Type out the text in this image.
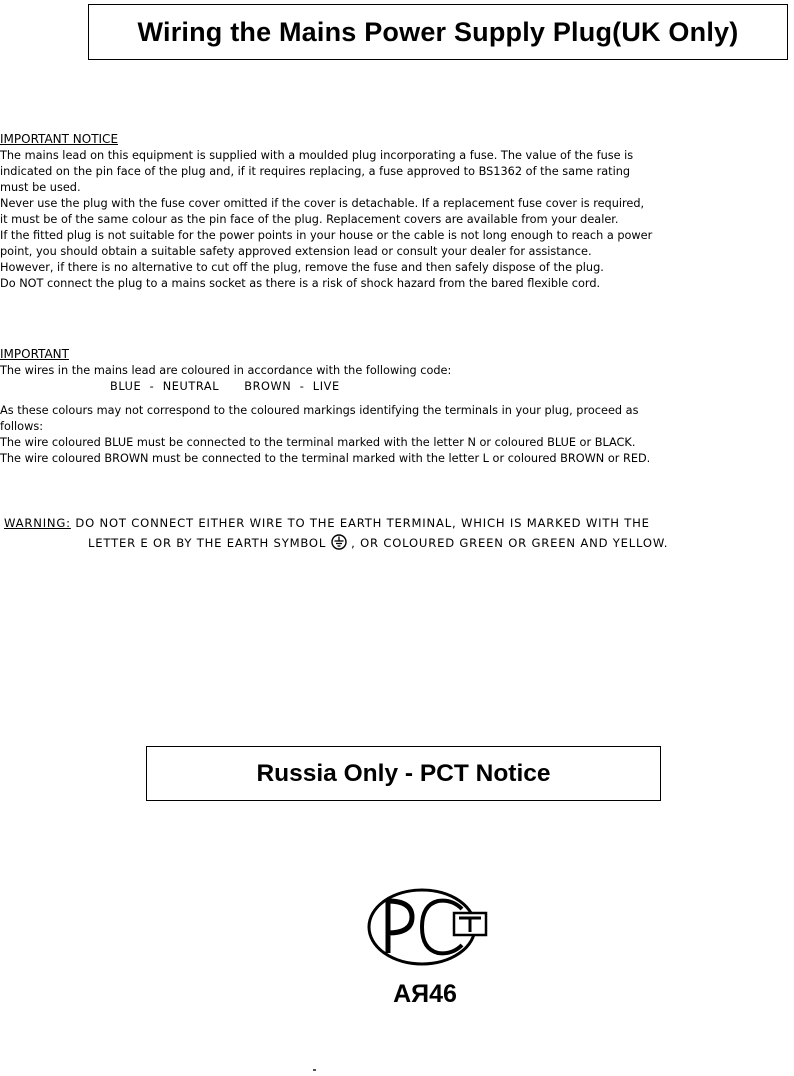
Wiring the Mains Power Supply Plug(UK Only)
IMPORTANT NOTICE
The mains lead on this equipment is supplied with a moulded plug incorporating a fuse. The value of the fuse is
indicated on the pin face of the plug and, if it requires replacing, a fuse approved to BS1362 of the same rating
must be used.
Never use the plug with the fuse cover omitted if the cover is detachable. If a replacement fuse cover is required,
it must be of the same colour as the pin face of the plug. Replacement covers are available from your dealer.
If the fitted plug is not suitable for the power points in your house or the cable is not long enough to reach a power
point, you should obtain a suitable safety approved extension lead or consult your dealer for assistance.
However, if there is no alternative to cut off the plug, remove the fuse and then safely dispose of the plug.
Do NOT connect the plug to a mains socket as there is a risk of shock hazard from the bared flexible cord.
IMPORTANT
The wires in the mains lead are coloured in accordance with the following code:
BLUE  -  NEUTRAL      BROWN  -  LIVE
As these colours may not correspond to the coloured markings identifying the terminals in your plug, proceed as
follows:
The wire coloured BLUE must be connected to the terminal marked with the letter N or coloured BLUE or BLACK.
The wire coloured BROWN must be connected to the terminal marked with the letter L or coloured BROWN or RED.
WARNING: DO NOT CONNECT EITHER WIRE TO THE EARTH TERMINAL, WHICH IS MARKED WITH THE
LETTER E OR BY THE EARTH SYMBOL  , OR COLOURED GREEN OR GREEN AND YELLOW.
Russia Only - PCT Notice
AЯ46
